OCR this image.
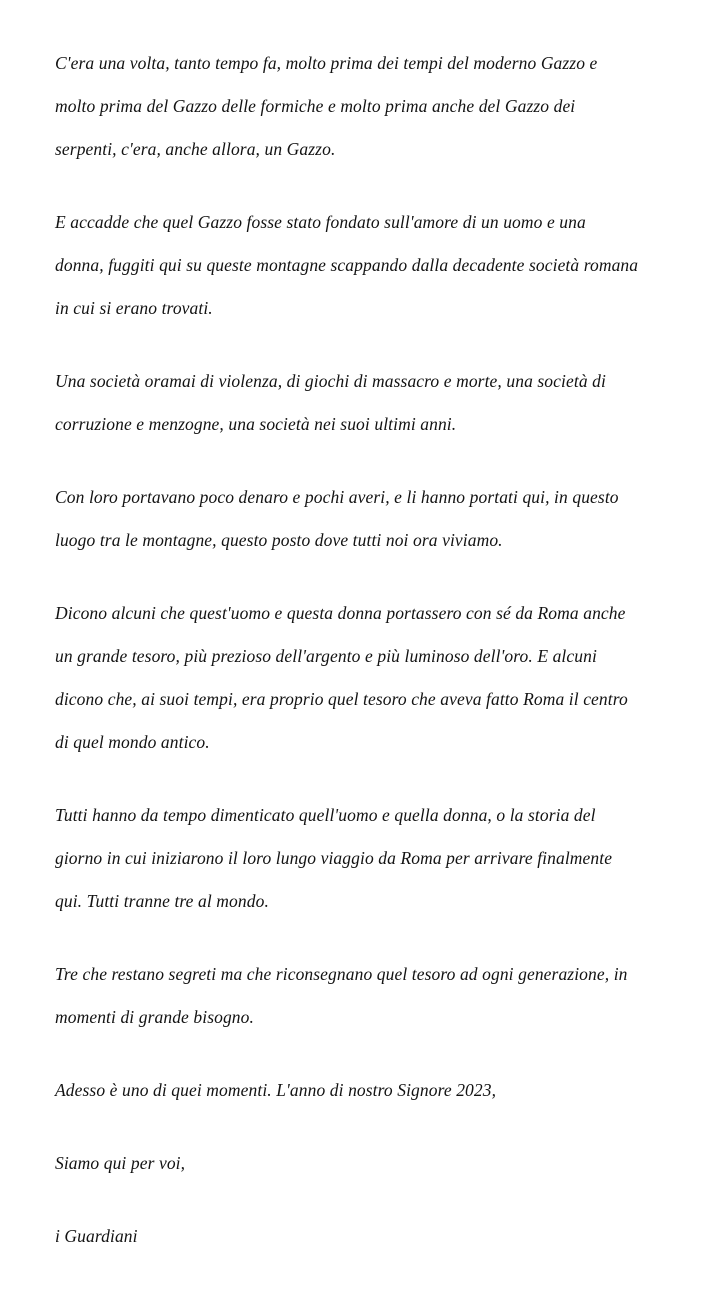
C'era una volta, tanto tempo fa, molto prima dei tempi del moderno Gazzo e
molto prima del Gazzo delle formiche e molto prima anche del Gazzo dei
serpenti, c'era, anche allora, un Gazzo.

E accadde che quel Gazzo fosse stato fondato sull'amore di un uomo e una
donna, fuggiti qui su queste montagne scappando dalla decadente società romana
in cui si erano trovati.

Una società oramai di violenza, di giochi di massacro e morte, una società di
corruzione e menzogne, una società nei suoi ultimi anni.

Con loro portavano poco denaro e pochi averi, e li hanno portati qui, in questo
luogo tra le montagne, questo posto dove tutti noi ora viviamo.

Dicono alcuni che quest'uomo e questa donna portassero con sé da Roma anche
un grande tesoro, più prezioso dell'argento e più luminoso dell'oro. E alcuni
dicono che, ai suoi tempi, era proprio quel tesoro che aveva fatto Roma il centro
di quel mondo antico.

Tutti hanno da tempo dimenticato quell'uomo e quella donna, o la storia del
giorno in cui iniziarono il loro lungo viaggio da Roma per arrivare finalmente
qui. Tutti tranne tre al mondo.

Tre che restano segreti ma che riconsegnano quel tesoro ad ogni generazione, in
momenti di grande bisogno.

Adesso è uno di quei momenti. L'anno di nostro Signore 2023,

Siamo qui per voi,

i Guardiani
